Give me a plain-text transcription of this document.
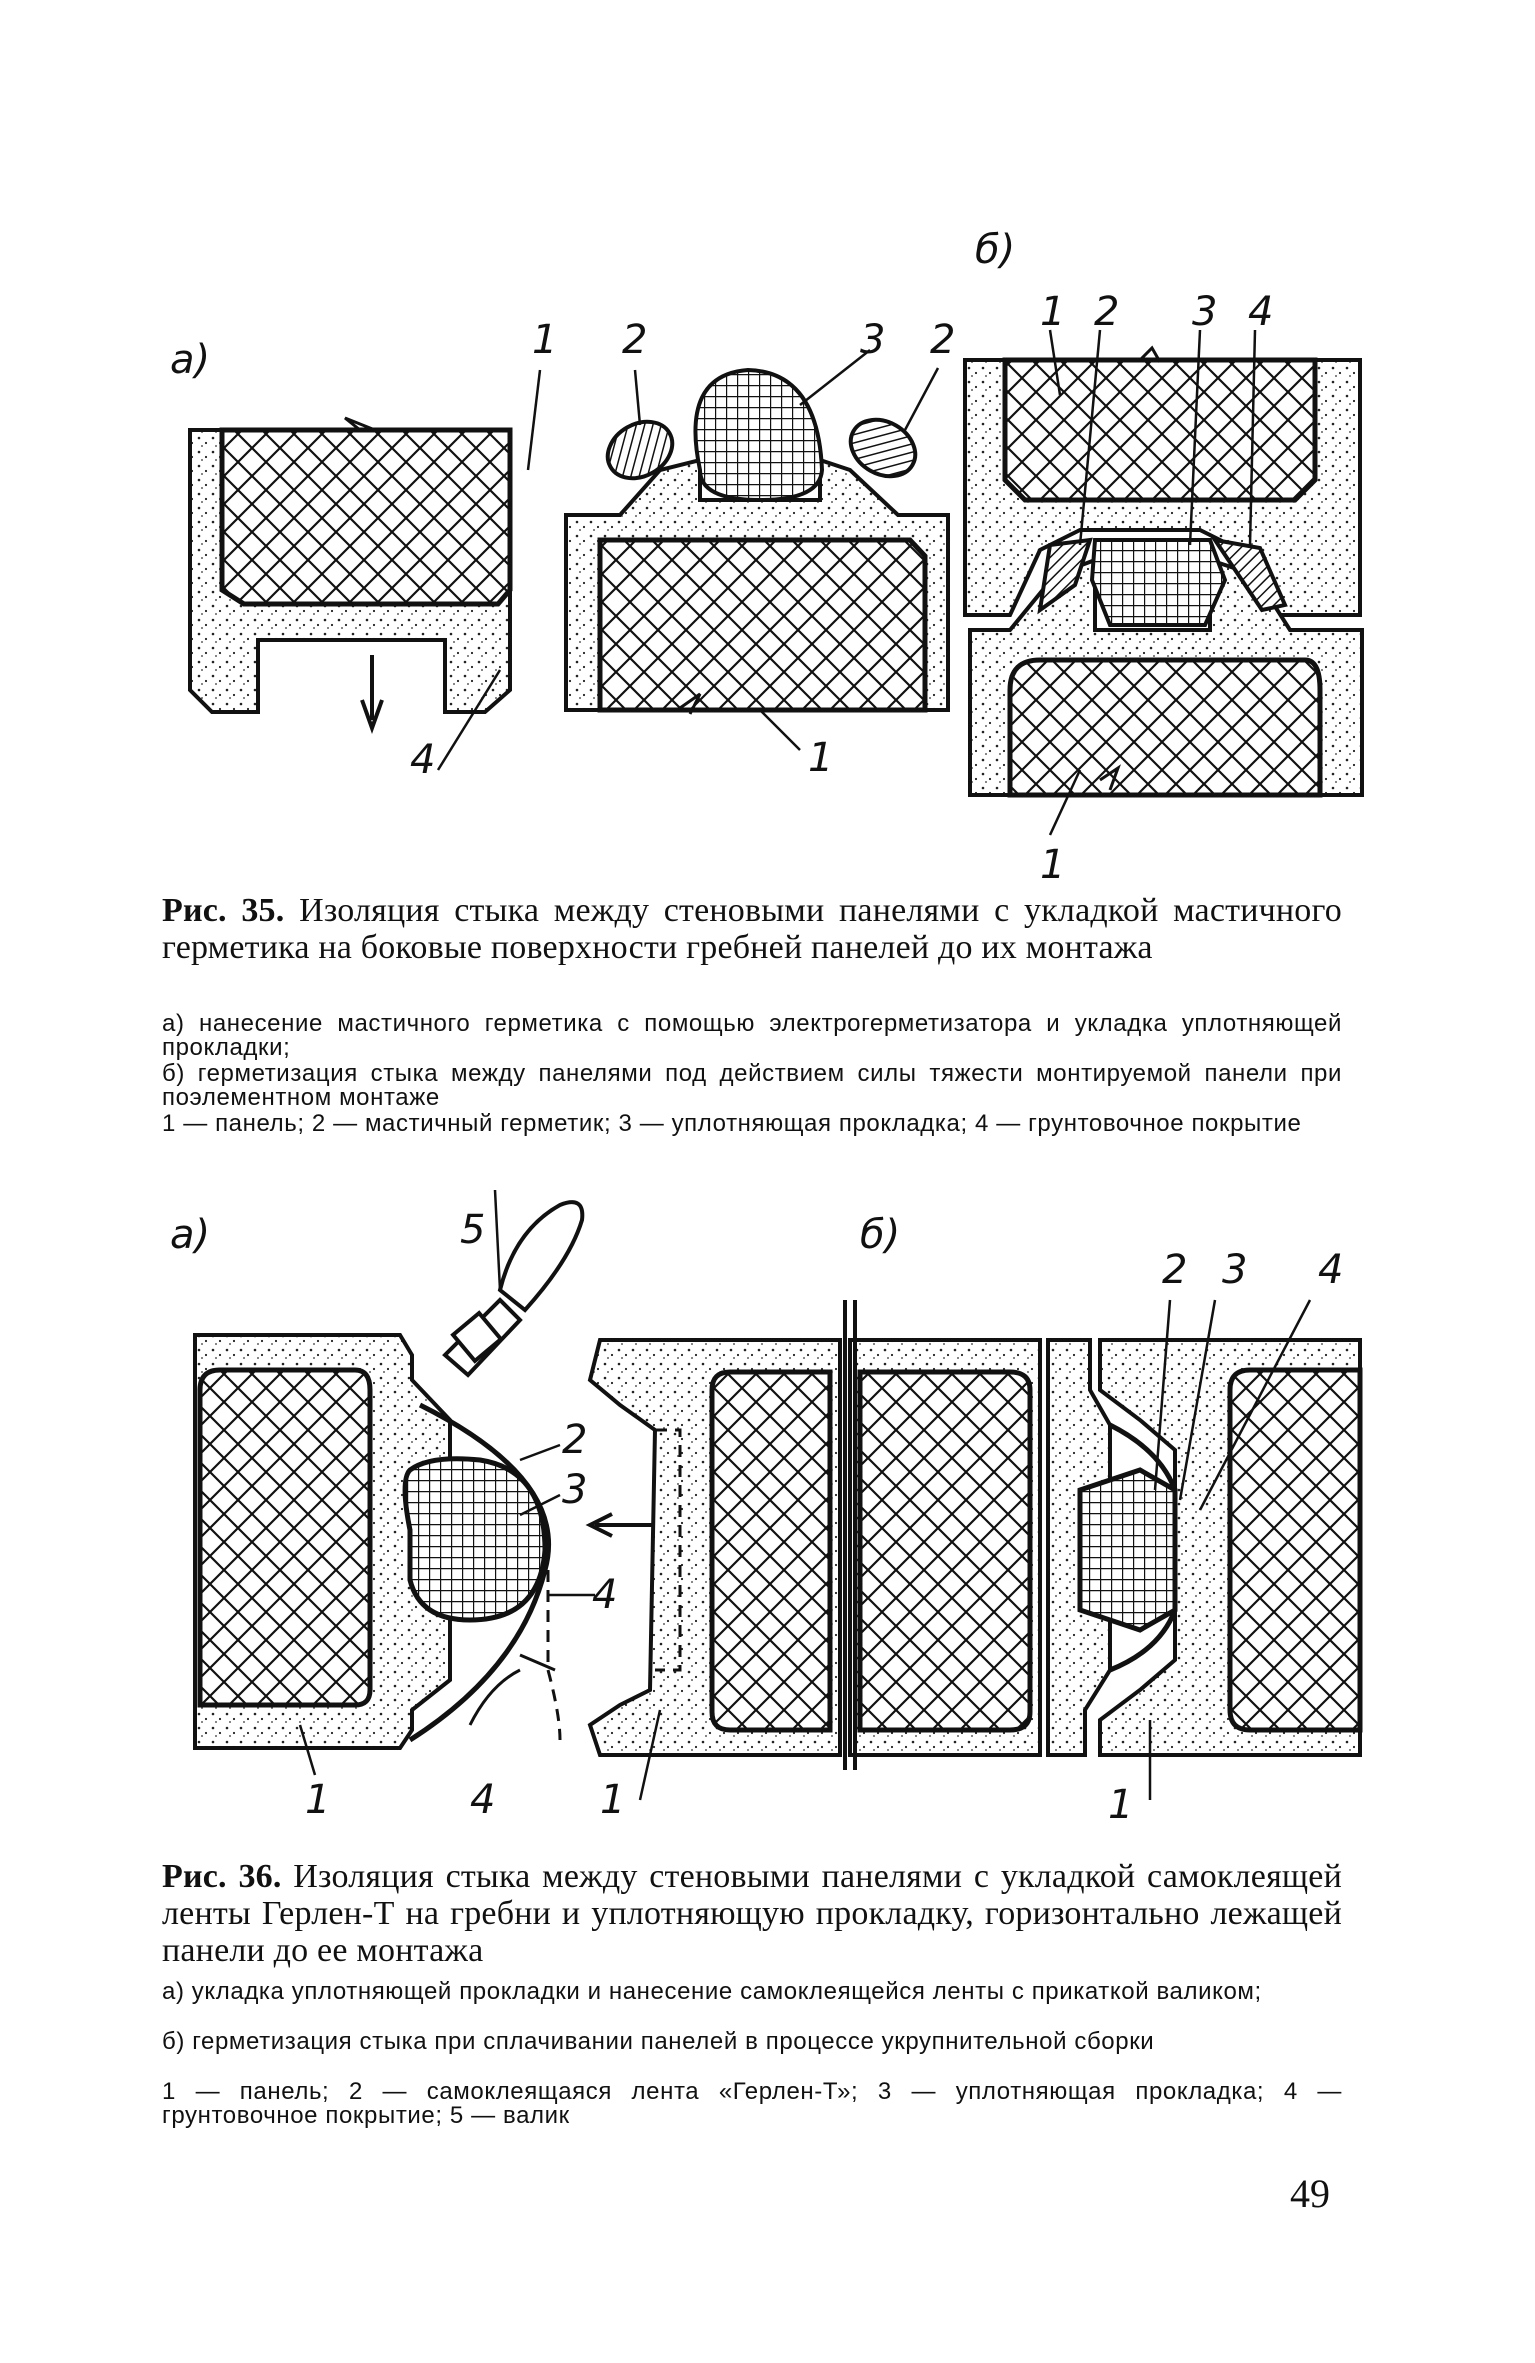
а)
б)
1 2	3 2
4	1
1 2 3 4
1
Рис. 35. Изоляция стыка между стеновыми панелями с укладкой мастичного герметика на боковые поверхности гребней панелей до их монтажа
а) нанесение мастичного герметика с помощью электрогерметизатора и укладка уплотняющей прокладки;
б) герметизация стыка между панелями под действием силы тяжести монтируемой панели при поэлементном монтаже
1 — панель; 2 — мастичный герметик; 3 — уплотняющая прокладка; 4 — грунтовочное покрытие
а)	б)
5
2
3
4
1	4
2 3 4
1	1
Рис. 36. Изоляция стыка между стеновыми панелями с укладкой самоклеящей ленты Герлен-Т на гребни и уплотняющую прокладку, горизонтально лежащей панели до ее монтажа
а) укладка уплотняющей прокладки и нанесение самоклеящейся ленты с прикаткой валиком;
б) герметизация стыка при сплачивании панелей в процессе укрупнительной сборки
1 — панель; 2 — самоклеящаяся лента «Герлен-Т»; 3 — уплотняющая прокладка; 4 — грунтовочное покрытие; 5 — валик
49
